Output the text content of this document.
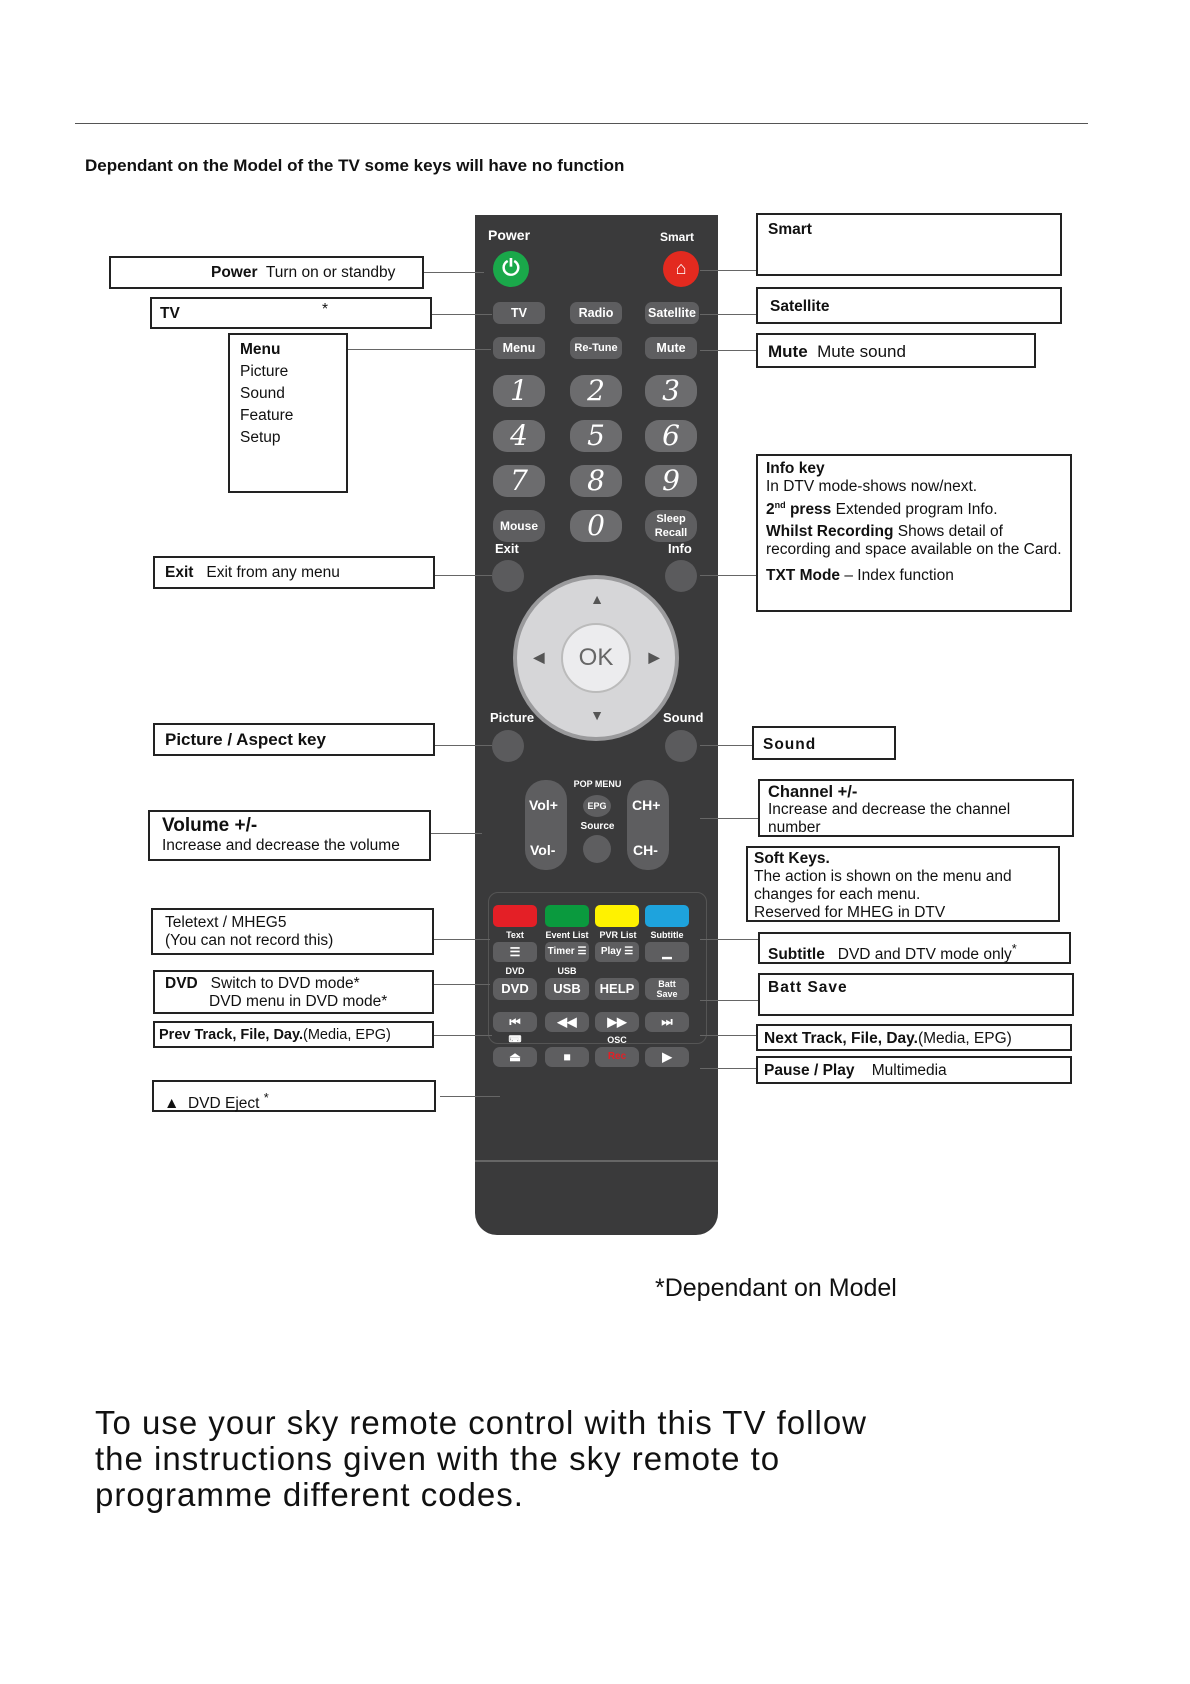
Dependant on the Model of the TV some keys will have no function
Power	Smart
⏻	⌂
TV	Radio	Satellite
Menu	Re-Tune	Mute
1	2	3
4	5	6
7	8	9
Mouse	0	Sleep
Recall
Exit	Info
▲
▼
◀	▶
OK
Picture	Sound
Vol+
Vol-
CH+
CH-
POP MENU
EPG
Source
Text	Event List	PVR List	Subtitle
☰	Timer ☰	Play ☰	▁
DVD	USB
DVD	USB	HELP	Batt
Save
⏮	◀◀	▶▶	⏭
⌨	OSC
⏏	■	Rec	▶
Power Turn on or standby
TV	*
Menu
Picture
Sound
Feature
Setup
Exit Exit from any menu
Picture / Aspect key
Volume +/-
Increase and decrease the volume
Teletext / MHEG5
(You can not record this)
DVD Switch to DVD mode*
DVD menu in DVD mode*
Prev Track, File, Day.(Media, EPG)
▲ DVD Eject *
Smart
Satellite
Mute Mute sound
Info key
In DTV mode-shows now/next.
2nd press Extended program Info.
Whilst Recording Shows detail of recording and space available on the Card.
TXT Mode – Index function
Sound
Channel +/-
Increase and decrease the channel number
Soft Keys.
The action is shown on the menu and changes for each menu.
Reserved for MHEG in DTV
Subtitle DVD and DTV mode only*
Batt Save
Next Track, File, Day.(Media, EPG)
Pause / Play Multimedia
*Dependant on Model
To use your sky remote control with this TV follow the instructions given with the sky remote to programme different codes.
